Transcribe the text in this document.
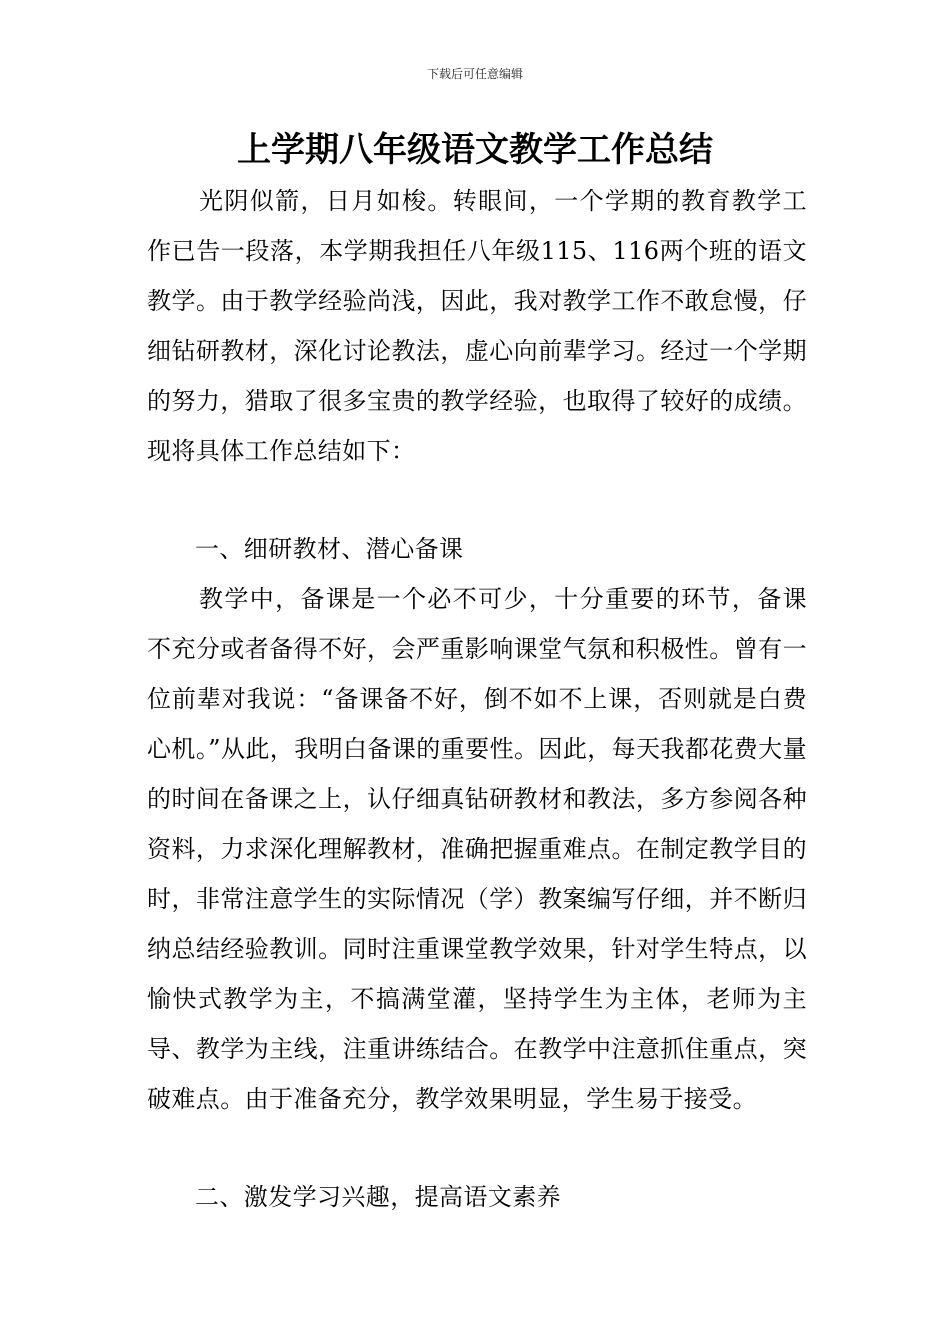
下载后可任意编辑
上学期八年级语文教学工作总结

光阴似箭，日月如梭。转眼间，一个学期的教育教学工作已告一段落，本学期我担任八年级115、116两个班的语文教学。由于教学经验尚浅，因此，我对教学工作不敢怠慢，仔细钻研教材，深化讨论教法，虚心向前辈学习。经过一个学期的努力，猎取了很多宝贵的教学经验，也取得了较好的成绩。现将具体工作总结如下：

一、细研教材、潜心备课

教学中，备课是一个必不可少，十分重要的环节，备课不充分或者备得不好，会严重影响课堂气氛和积极性。曾有一位前辈对我说：“备课备不好，倒不如不上课，否则就是白费心机。”从此，我明白备课的重要性。因此，每天我都花费大量的时间在备课之上，认仔细真钻研教材和教法，多方参阅各种资料，力求深化理解教材，准确把握重难点。在制定教学目的时，非常注意学生的实际情况（学）教案编写仔细，并不断归纳总结经验教训。同时注重课堂教学效果，针对学生特点，以愉快式教学为主，不搞满堂灌，坚持学生为主体，老师为主导、教学为主线，注重讲练结合。在教学中注意抓住重点，突破难点。由于准备充分，教学效果明显，学生易于接受。

二、激发学习兴趣，提高语文素养
